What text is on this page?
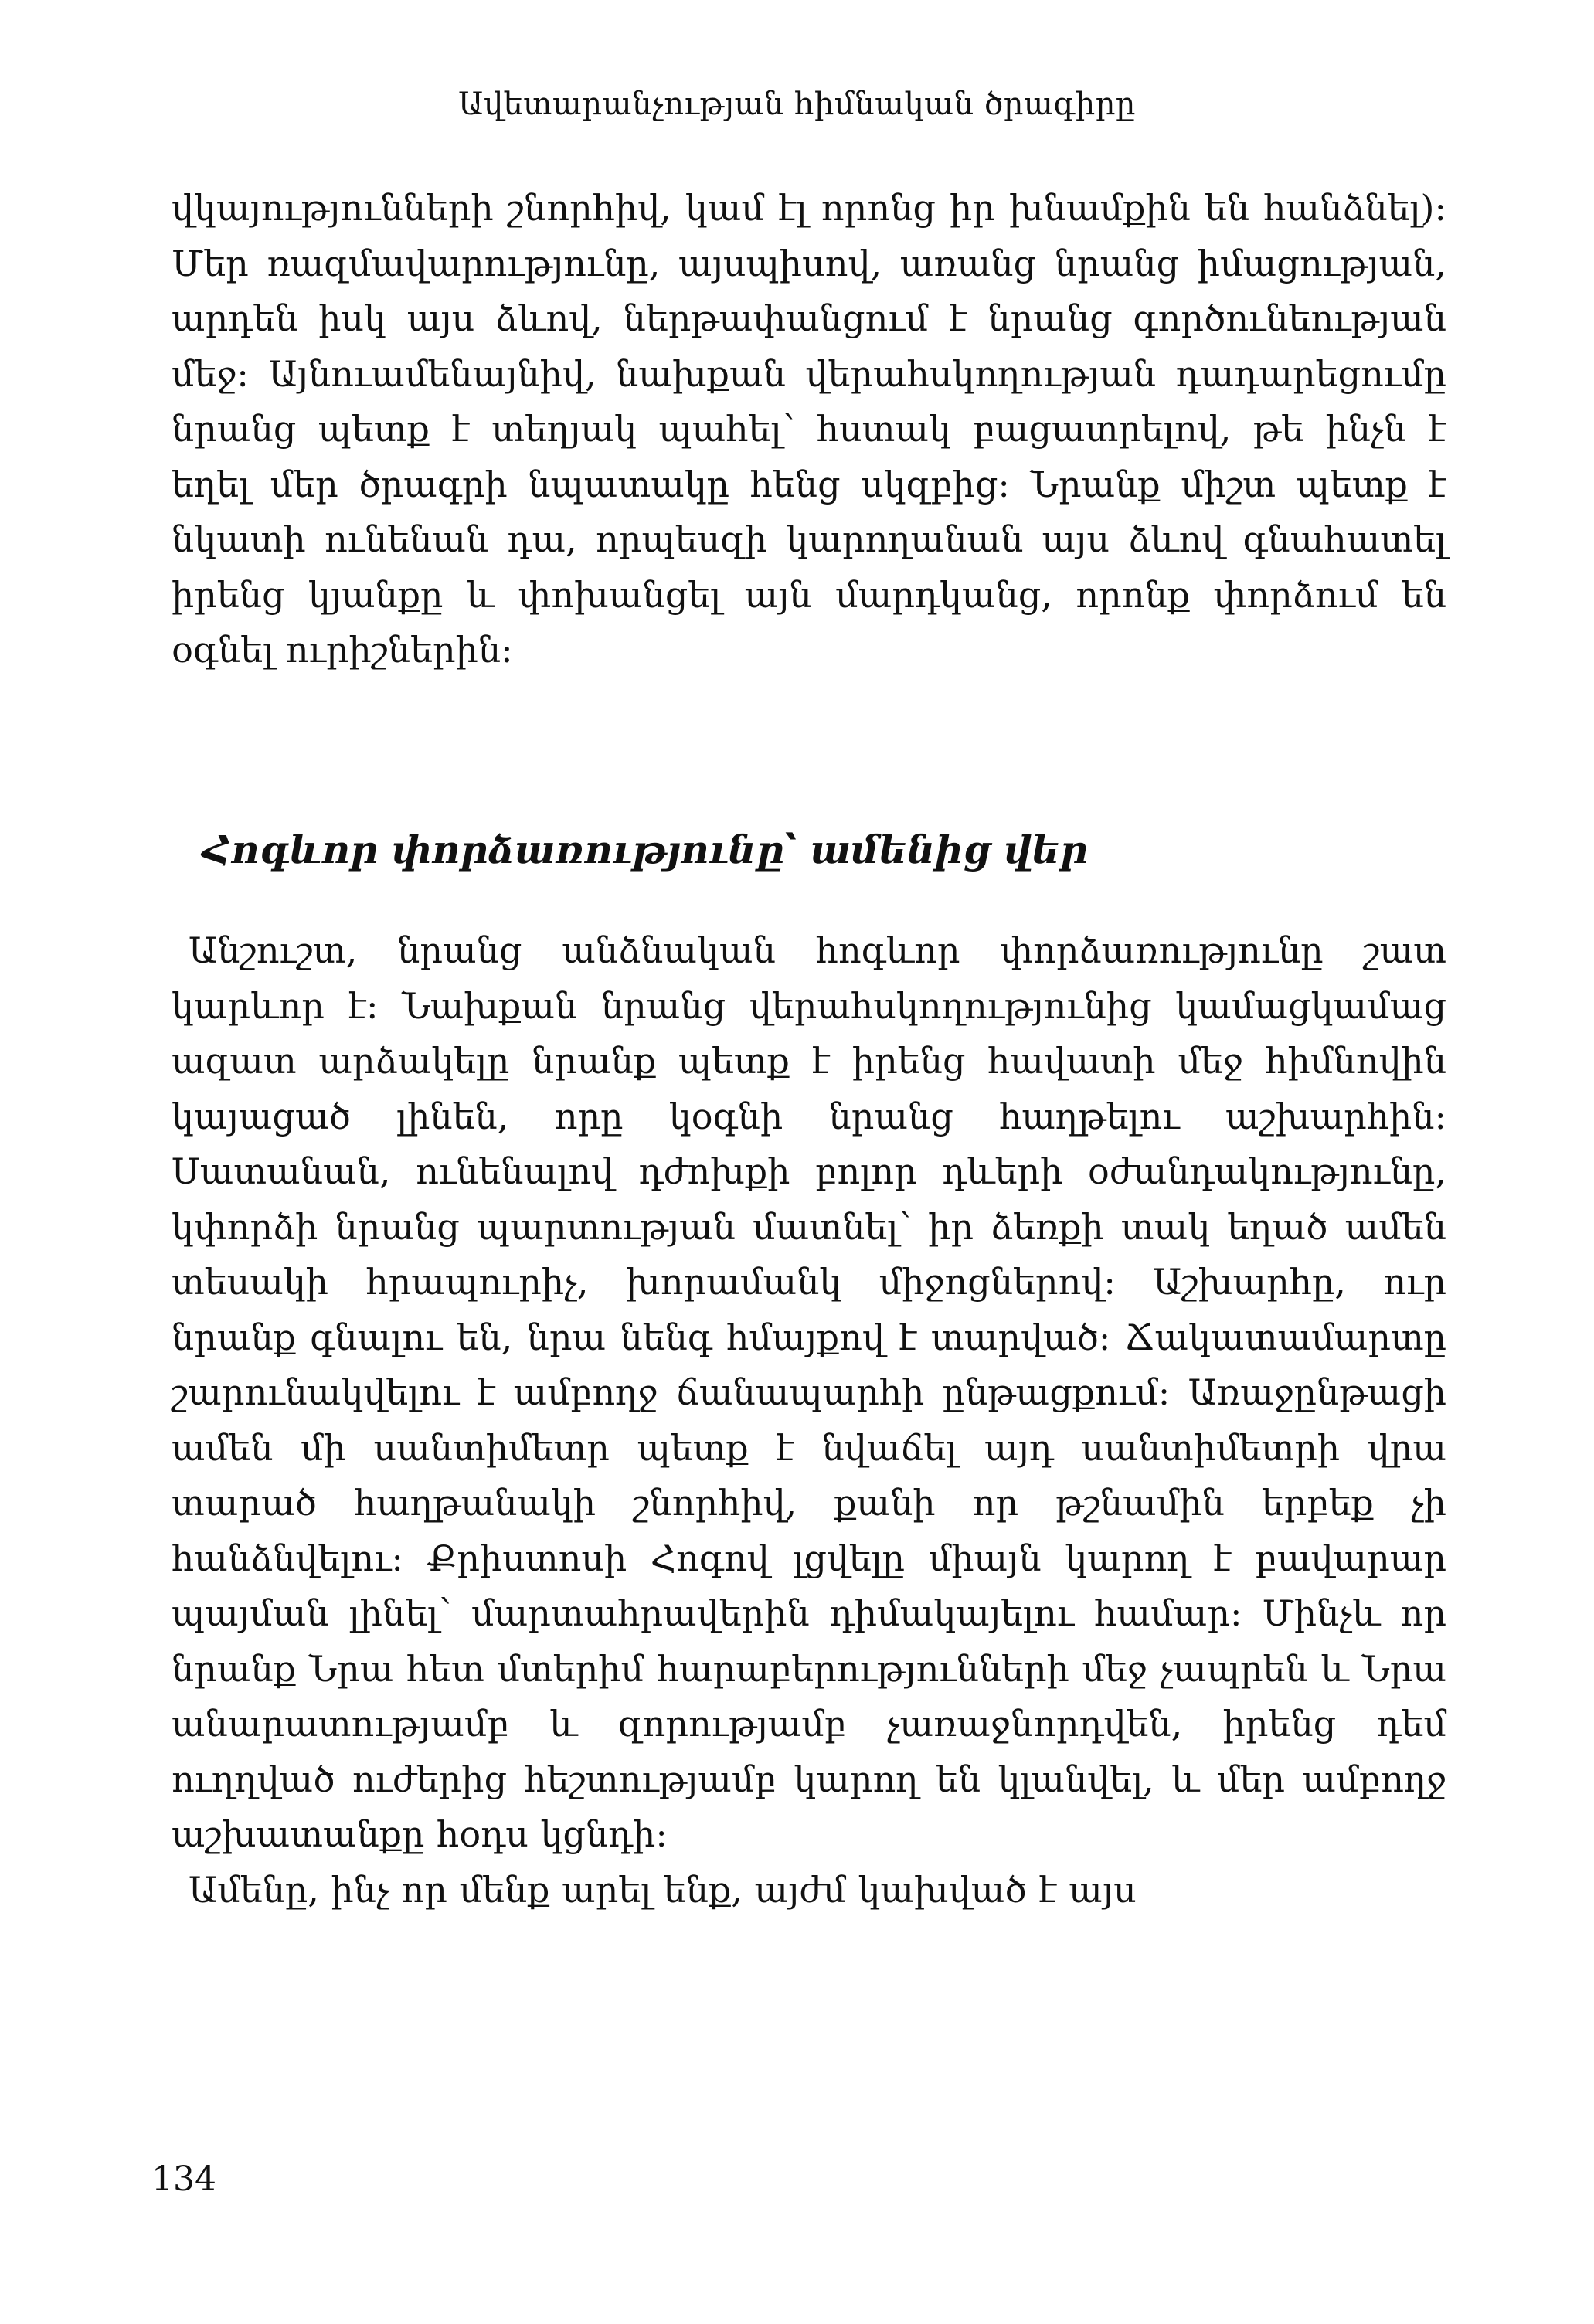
Ավետարանչության հիմնական ծրագիրը

վկայությունների շնորհիվ, կամ էլ որոնց իր խնամքին են հանձնել): Մեր ռազմավարությունը, այսպիսով, առանց նրանց իմացության, արդեն իսկ այս ձևով, ներթափանցում է նրանց գործունեության մեջ: Այնուամենայնիվ, նախքան վերահսկողության դադարեցումը նրանց պետք է տեղյակ պահել՝ հստակ բացատրելով, թե ինչն է եղել մեր ծրագրի նպատակը հենց սկզբից: Նրանք միշտ պետք է նկատի ունենան դա, որպեսզի կարողանան այս ձևով գնահատել իրենց կյանքը և փոխանցել այն մարդկանց, որոնք փորձում են օգնել ուրիշներին:

Հոգևոր փորձառությունը՝ ամենից վեր

Անշուշտ, նրանց անձնական հոգևոր փորձառությունը շատ կարևոր է: Նախքան նրանց վերահսկողությունից կամացկամաց ազատ արձակելը նրանք պետք է իրենց հավատի մեջ հիմնովին կայացած լինեն, որը կօգնի նրանց հաղթելու աշխարհին: Սատանան, ունենալով դժոխքի բոլոր դևերի օժանդակությունը, կփորձի նրանց պարտության մատնել՝ իր ձեռքի տակ եղած ամեն տեսակի հրապուրիչ, խորամանկ միջոցներով: Աշխարհը, ուր նրանք գնալու են, նրա նենգ հմայքով է տարված: Ճակատամարտը շարունակվելու է ամբողջ ճանապարհի ընթացքում: Առաջընթացի ամեն մի սանտիմետր պետք է նվաճել այդ սանտիմետրի վրա տարած հաղթանակի շնորհիվ, քանի որ թշնամին երբեք չի հանձնվելու: Քրիստոսի Հոգով լցվելը միայն կարող է բավարար պայման լինել՝ մարտահրավերին դիմակայելու համար: Մինչև որ նրանք Նրա հետ մտերիմ հարաբերությունների մեջ չապրեն և Նրա անարատությամբ և զորությամբ չառաջնորդվեն, իրենց դեմ ուղղված ուժերից հեշտությամբ կարող են կլանվել, և մեր ամբողջ աշխատանքը հօդս կցնդի:

Ամենը, ինչ որ մենք արել ենք, այժմ կախված է այս

134
